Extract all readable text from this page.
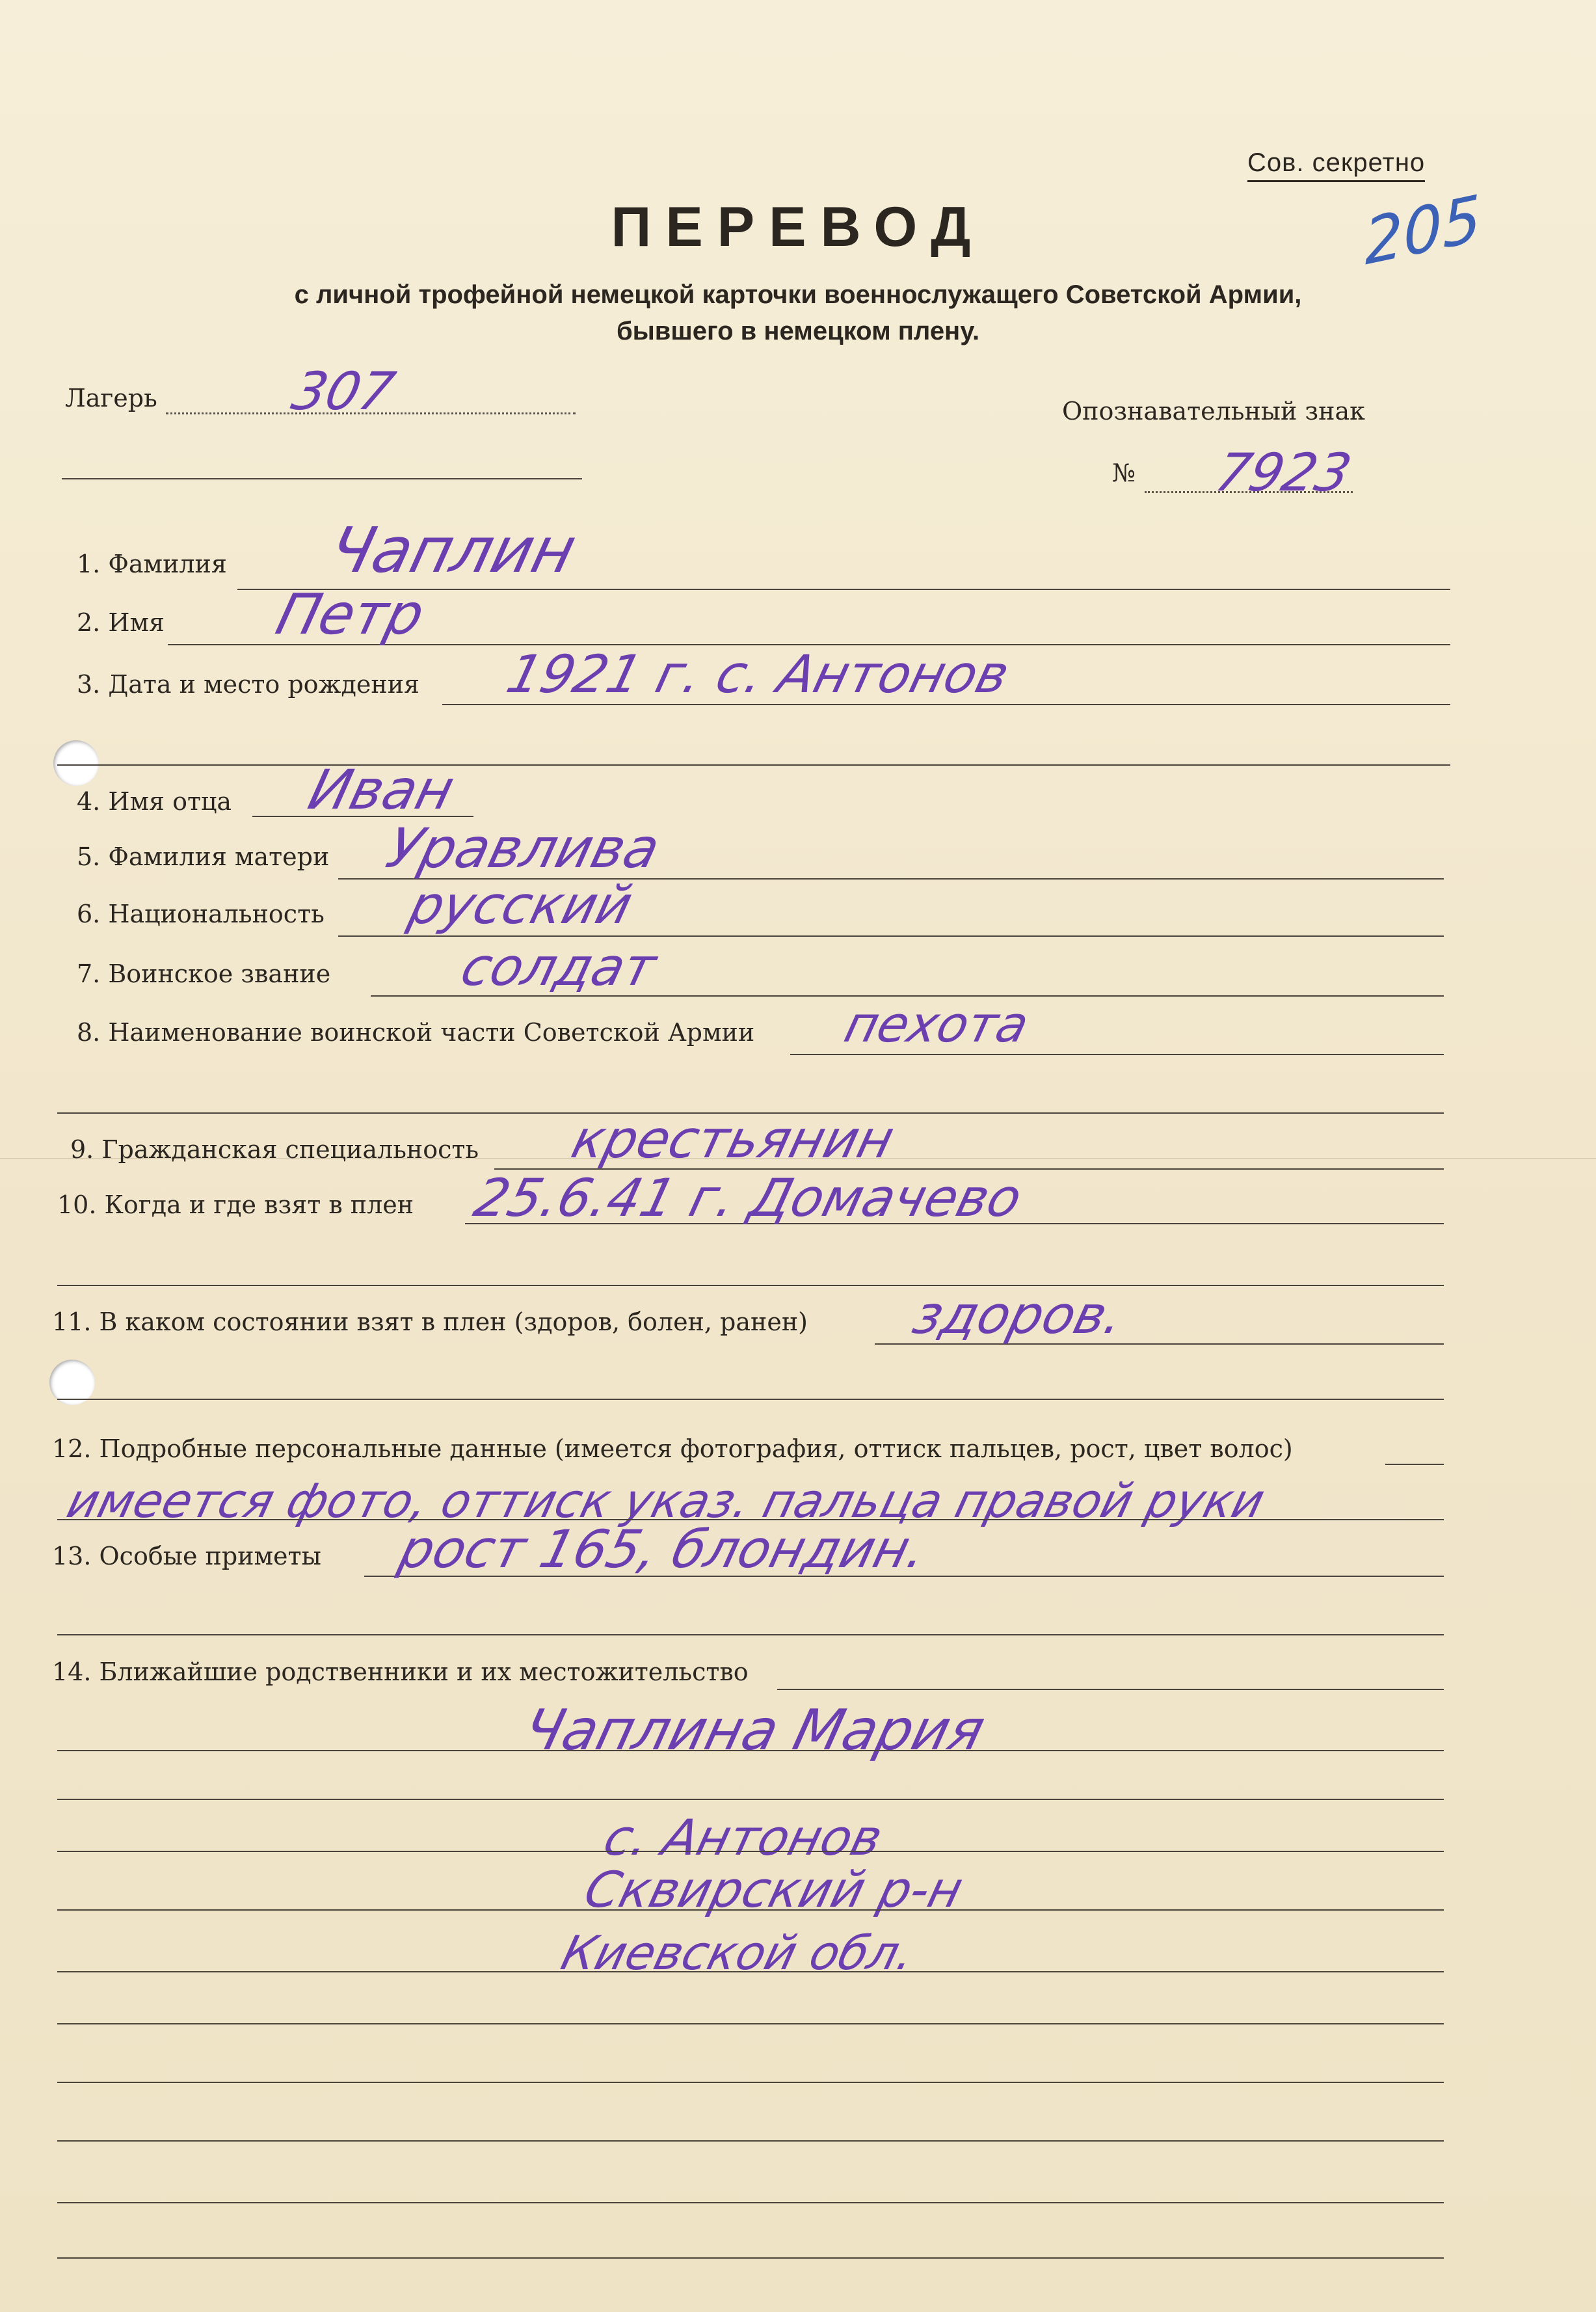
Сов. секретно
205
ПЕРЕВОД
с личной трофейной немецкой карточки военнослужащего Советской Армии,
бывшего в немецком плену.
Лагерь 307	Опознавательный знак
№ 7923
1. Фамилия Чаплин
2. Имя Петр
3. Дата и место рождения 1921 г. с. Антонов
4. Имя отца Иван
5. Фамилия матери Уравлива
6. Национальность русский
7. Воинское звание солдат
8. Наименование воинской части Советской Армии пехота
9. Гражданская специальность крестьянин
10. Когда и где взят в плен 25.6.41 г. Домачево
11. В каком состоянии взят в плен (здоров, болен, ранен) здоров.
12. Подробные персональные данные (имеется фотография, оттиск пальцев, рост, цвет волос)
имеется фото, оттиск указ. пальца правой руки
13. Особые приметы рост 165, блондин.
14. Ближайшие родственники и их местожительство
Чаплина Мария
с. Антонов
Сквирский р-н
Киевской обл.
